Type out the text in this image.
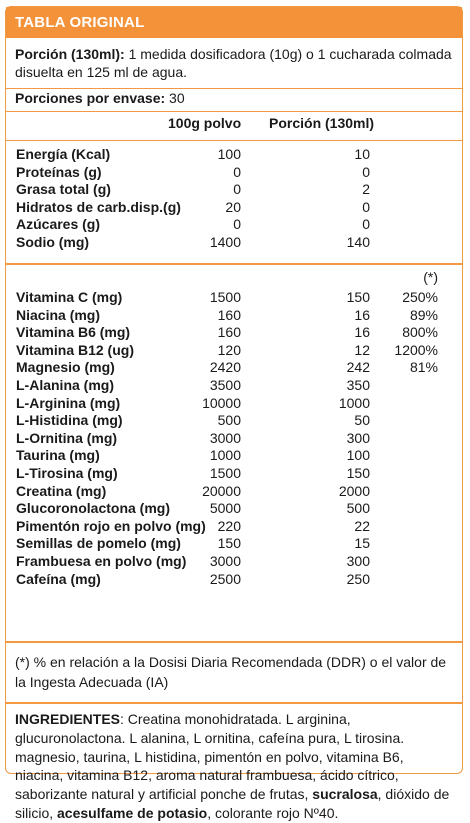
TABLA ORIGINAL
Porción (130ml): 1 medida dosificadora (10g) o 1 cucharada colmada disuelta en 125 ml de agua.
Porciones por envase: 30
100g polvo Porción (130ml)
Energía (Kcal)	100	10
Proteínas (g)	0	0
Grasa total (g)	0	2
Hidratos de carb.disp.(g)	20	0
Azúcares (g)	0	0
Sodio (mg)	1400	140
(*)
Vitamina C (mg)	1500	150 250%
Niacina (mg)	160	16	89%
Vitamina B6 (mg)	160	16 800%
Vitamina B12 (ug)	120	12 1200%
Magnesio (mg)	2420	242	81%
L-Alanina (mg)	3500	350
L-Arginina (mg)	10000	1000
L-Histidina (mg)	500	50
L-Ornitina (mg)	3000	300
Taurina (mg)	1000	100
L-Tirosina (mg)	1500	150
Creatina (mg)	20000	2000
Glucoronolactona (mg)	5000	500
Pimentón rojo en polvo (mg) 220	22
Semillas de pomelo (mg)	150	15
Frambuesa en polvo (mg) 3000	300
Cafeína (mg)	2500	250
(*) % en relación a la Dosisi Diaria Recomendada (DDR) o el valor de la Ingesta Adecuada (IA)
INGREDIENTES: Creatina monohidratada. L arginina, glucuronolactona. L alanina, L ornitina, cafeína pura, L tirosina. magnesio, taurina, L histidina, pimentón en polvo, vitamina B6, niacina, vitamina B12, aroma natural frambuesa, ácido cítrico, saborizante natural y artificial ponche de frutas, sucralosa, dióxido de silicio, acesulfame de potasio, colorante rojo Nº40.
